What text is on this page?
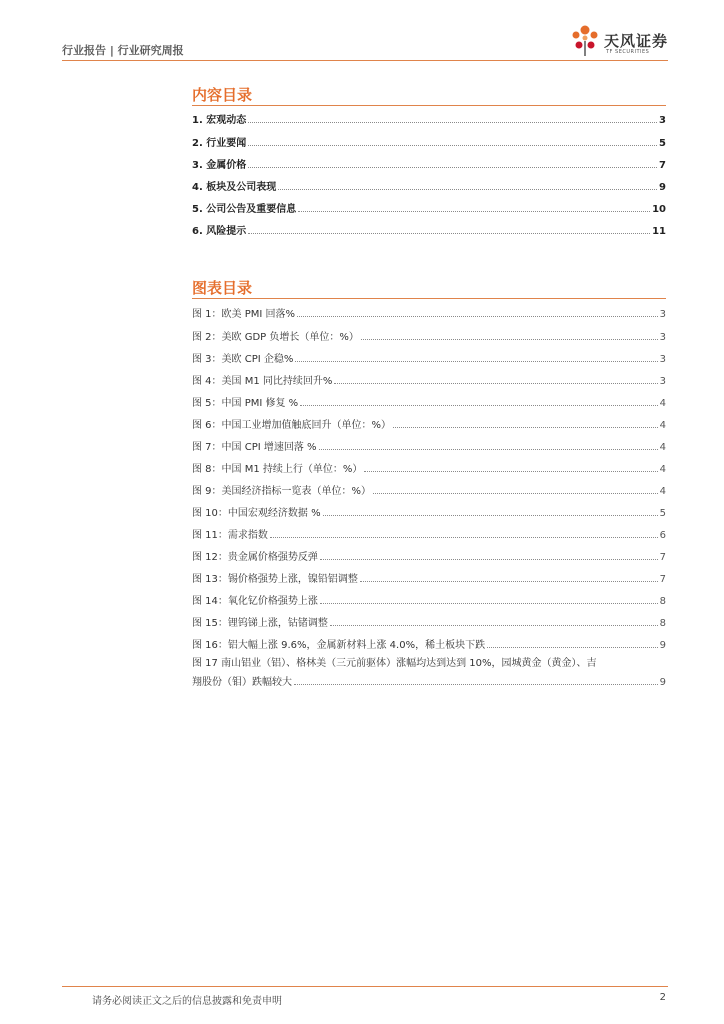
行业报告 | 行业研究周报
天风证券
TF SECURITIES
内容目录
1. 宏观动态	3
2. 行业要闻	5
3. 金属价格	7
4. 板块及公司表现	9
5. 公司公告及重要信息	10
6. 风险提示	11
图表目录
图 1：欧美 PMI 回落%	3
图 2：美欧 GDP 负增长（单位：%）	3
图 3：美欧 CPI 企稳%	3
图 4：美国 M1 同比持续回升%	3
图 5：中国 PMI 修复 %	4
图 6：中国工业增加值触底回升（单位：%）	4
图 7：中国 CPI 增速回落 %	4
图 8：中国 M1 持续上行（单位：%）	4
图 9：美国经济指标一览表（单位：%）	4
图 10：中国宏观经济数据 %	5
图 11：需求指数	6
图 12：贵金属价格强势反弹	7
图 13：锡价格强势上涨，镍铅铝调整	7
图 14：氧化钇价格强势上涨	8
图 15：锂钨锑上涨，钴锗调整	8
图 16：铝大幅上涨 9.6%，金属新材料上涨 4.0%，稀土板块下跌	9
图 17 南山铝业（铝）、格林美（三元前驱体）涨幅均达到达到 10%，园城黄金（黄金）、吉
翔股份（钼）跌幅较大	9
请务必阅读正文之后的信息披露和免责申明	2
